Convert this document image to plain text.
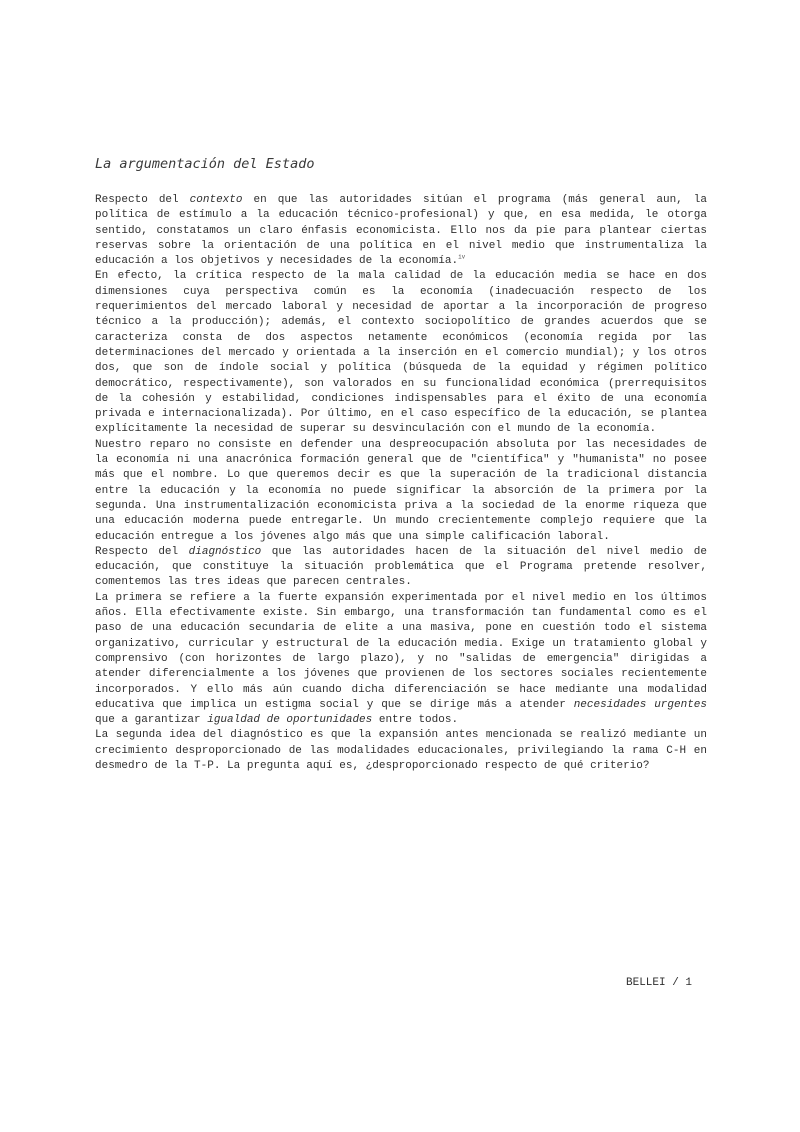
La argumentación del Estado

Respecto del contexto en que las autoridades sitúan el programa (más general aun, la política de estímulo a la educación técnico-profesional) y que, en esa medida, le otorga sentido, constatamos un claro énfasis economicista. Ello nos da pie para plantear ciertas reservas sobre la orientación de una política en el nivel medio que instrumentaliza la educación a los objetivos y necesidades de la economía.$^{iv}$

En efecto, la crítica respecto de la mala calidad de la educación media se hace en dos dimensiones cuya perspectiva común es la economía (inadecuación respecto de los requerimientos del mercado laboral y necesidad de aportar a la incorporación de progreso técnico a la producción); además, el contexto sociopolítico de grandes acuerdos que se caracteriza consta de dos aspectos netamente económicos (economía regida por las determinaciones del mercado y orientada a la inserción en el comercio mundial); y los otros dos, que son de índole social y política (búsqueda de la equidad y régimen político democrático, respectivamente), son valorados en su funcionalidad económica (prerrequisitos de la cohesión y estabilidad, condiciones indispensables para el éxito de una economía privada e internacionalizada). Por último, en el caso específico de la educación, se plantea explícitamente la necesidad de superar su desvinculación con el mundo de la economía.

Nuestro reparo no consiste en defender una despreocupación absoluta por las necesidades de la economía ni una anacrónica formación general que de "científica" y "humanista" no posee más que el nombre. Lo que queremos decir es que la superación de la tradicional distancia entre la educación y la economía no puede significar la absorción de la primera por la segunda. Una instrumentalización economicista priva a la sociedad de la enorme riqueza que una educación moderna puede entregarle. Un mundo crecientemente complejo requiere que la educación entregue a los jóvenes algo más que una simple calificación laboral.

Respecto del diagnóstico que las autoridades hacen de la situación del nivel medio de educación, que constituye la situación problemática que el Programa pretende resolver, comentemos las tres ideas que parecen centrales.

La primera se refiere a la fuerte expansión experimentada por el nivel medio en los últimos años. Ella efectivamente existe. Sin embargo, una transformación tan fundamental como es el paso de una educación secundaria de elite a una masiva, pone en cuestión todo el sistema organizativo, curricular y estructural de la educación media. Exige un tratamiento global y comprensivo (con horizontes de largo plazo), y no "salidas de emergencia" dirigidas a atender diferencialmente a los jóvenes que provienen de los sectores sociales recientemente incorporados. Y ello más aún cuando dicha diferenciación se hace mediante una modalidad educativa que implica un estigma social y que se dirige más a atender necesidades urgentes que a garantizar igualdad de oportunidades entre todos.

La segunda idea del diagnóstico es que la expansión antes mencionada se realizó mediante un crecimiento desproporcionado de las modalidades educacionales, privilegiando la rama C-H en desmedro de la T-P. La pregunta aquí es, ¿desproporcionado respecto de qué criterio?

BELLEI / 1
